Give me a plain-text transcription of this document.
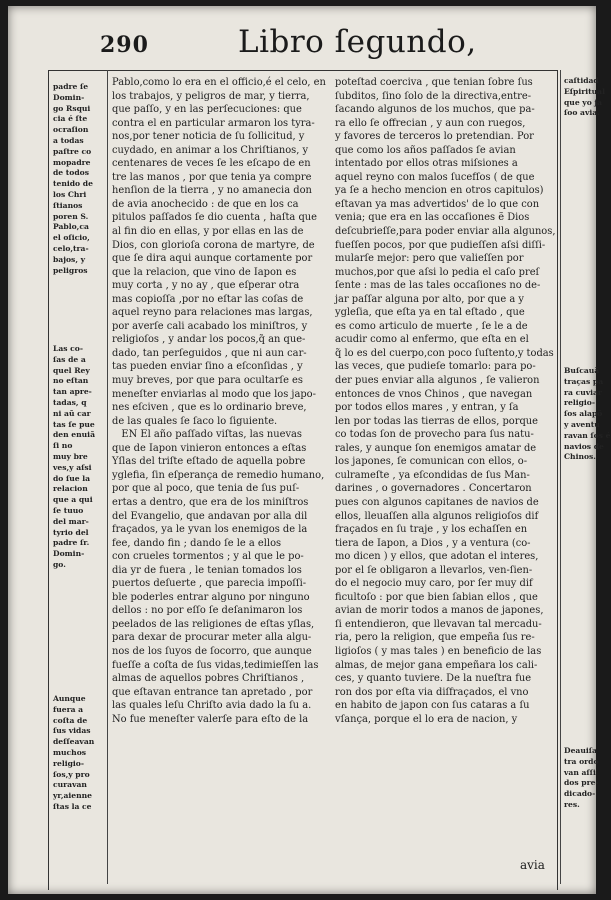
290	Libro ſegundo,
padre ſe
Domin-
go Rsqui
cia é ſte
ocraſion
a todas
paſtre co
mopadre
de todos
tenido de
los Chri
ſtianos
poren S.
Pablo,ca
el oſicio,
celo,tra-
bajos, y
peligros
Las co-
ſas de a
quel Rey
no eſtan
tan apre-
tadas, q
ni aũ car
tas ſe pue
den enuiã
ſi no
muy bre
ves,y aſsi
do ſue la
relacion
que a qui
ſe tuuo
del mar-
tyrio del
padre ſr.
Domin-
go.
Aunque
fuera a
coſta de
ſus vidas
deſſeavan
muchos
religio-
ſos,y pro
curavan
yr,aienne
ſtas la ce
caſtidad
Eſpiritual
que yo ja
ſoo avia.
Buſcauã
traças pa
ra cuviar
religio-
ſos alapõ
y aventu
ravan ſos é
navios de
Chinos.
Deauiſa
tra ordo
van aſſi
dos pre-
dicado-
res.
Pablo,como lo era en el officio,é el celo, en
los trabajos, y peligros de mar, y tierra,
que paſſo, y en las perſecuciones: que
contra el en particular armaron los tyra-
nos,por tener noticia de ſu ſollicitud, y
cuydado, en animar a los Chriſtianos, y
centenares de veces ſe les eſcapo de en
tre las manos , por que tenia ya compre
henſion de la tierra , y no amanecia don
de avia anochecido : de que en los ca
pitulos paſſados ſe dio cuenta , haſta que
al fin dio en ellas, y por ellas en las de
Dios, con glorioſa corona de martyre, de
que ſe dira aqui aunque cortamente por
que la relacion, que vino de Iapon es
muy corta , y no ay , que eſperar otra
mas copioſſa ,por no eſtar las coſas de
aquel reyno para relaciones mas largas,
por averſe cali acabado los miniſtros, y
religioſos , y andar los pocos,q̃ an que-
dado, tan perſeguidos , que ni aun car-
tas pueden enviar ſino a eſconſidas , y
muy breves, por que para ocultarſe es
meneſter enviarlas al modo que los japo-
nes eſciven , que es lo ordinario breve,
de las quales ſe ſaco lo ſiguiente.
EN El año paſſado viſtas, las nuevas
que de Iapon vinieron entonces a eſtas
Yſlas del triſte eſtado de aquella pobre
yglefia, ſin eſperança de remedio humano,
por que al poco, que tenia de ſus puſ-
ertas a dentro, que era de los miniſtros
del Evangelio, que andavan por alla dil
fraçados, ya le yvan los enemigos de la
fee, dando fin ; dando ſe le a ellos
con crueles tormentos ; y al que le po-
dia yr de fuera , le tenian tomados los
puertos deſuerte , que parecia impoſſi-
ble poderles entrar alguno por ninguno
dellos : no por eſſo ſe deſanimaron los
peelados de las religiones de eſtas yſlas,
para dexar de procurar meter alla algu-
nos de los ſuyos de ſocorro, que aunque
fueſſe a coſta de ſus vidas,tedimieſſen las
almas de aquellos pobres Chriſtianos ,
que eſtavan entrance tan apretado , por
las quales leſu Chriſto avia dado la ſu a.
No fue meneſter valerſe para eſto de la
poteſtad coerciva , que tenian ſobre ſus
ſubditos, ſino ſolo de la directiva,entre-
ſacando algunos de los muchos, que pa-
ra ello ſe offrecian , y aun con ruegos,
y favores de terceros lo pretendian. Por
que como los años paſſados ſe avian
intentado por ellos otras miſsiones a
aquel reyno con malos ſucefſos ( de que
ya ſe a hecho mencion en otros capitulos)
eſtavan ya mas advertidos' de lo que con
venia; que era en las occaſiones ẽ Dios
deſcubrieſſe,para poder enviar alla algunos,
fueſſen pocos, por que pudieſſen aſsi diſſi-
mularſe mejor: pero que valieſſen por
muchos,por que aſsi lo pedia el caſo preſ
ſente : mas de las tales occaſiones no de-
jar paſſar alguna por alto, por que a y
ygleſia, que eſta ya en tal eſtado , que
es como articulo de muerte , ſe le a de
acudir como al enfermo, que eſta en el
q̃ lo es del cuerpo,con poco ſuſtento,y todas
las veces, que pudieſe tomarlo: para po-
der pues enviar alla algunos , ſe valieron
entonces de vnos Chinos , que navegan
por todos ellos mares , y entran, y ſa
len por todas las tierras de ellos, porque
co todas ſon de provecho para ſus natu-
rales, y aunque ſon enemigos amatar de
los japones, ſe comunican con ellos, o-
culrameſte , ya eſcondidas de ſus Man-
darines , o governadores . Concertaron
pues con algunos capitanes de navios de
ellos, lleuaſſen alla algunos religioſos dif
fraçados en ſu traje , y los echaſſen en
tiera de Iapon, a Dios , y a ventura (co-
mo dicen ) y ellos, que adotan el interes,
por el ſe obligaron a llevarlos, ven-ſien-
do el negocio muy caro, por ſer muy dif
ficultoſo : por que bien ſabian ellos , que
avian de morir todos a manos de japones,
ſi entendieron, que llevavan tal mercadu-
ria, pero la religion, que empeña ſus re-
ligioſos ( y mas tales ) en beneficio de las
almas, de mejor gana empeñara los cali-
ces, y quanto tuviere. De la nueſtra fue
ron dos por eſta via diſfraçados, el vno
en habito de japon con ſus cataras a ſu
vſança, porque el lo era de nacion, y
avia
